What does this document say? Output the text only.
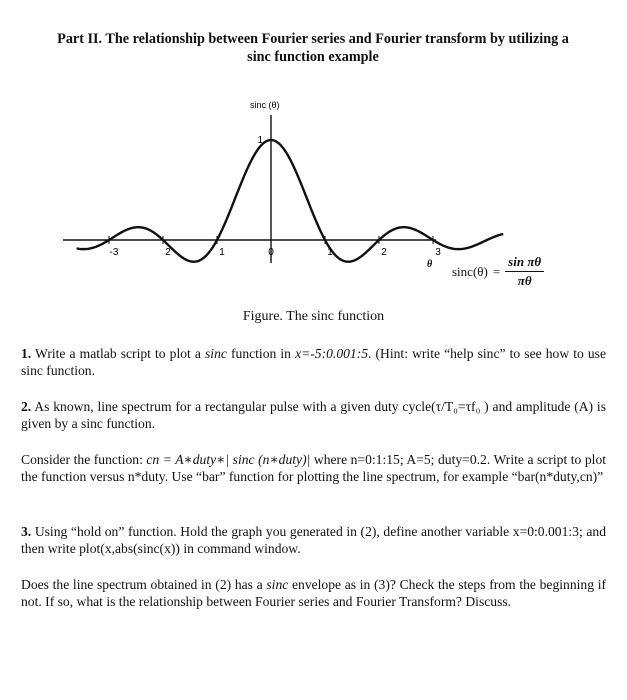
Part II. The relationship between Fourier series and Fourier transform by utilizing a
sinc function example
-3	2	1	0	1	2	3
1
sinc (θ)
θ $\sin c(\theta) = \frac{\text{sin πθ}}{\pi\theta}$
Figure. The sinc function
1. Write a matlab script to plot a sinc function in x=-5:0.001:5. (Hint: write “help sinc” to see how to use sinc function.
2. As known, line spectrum for a rectangular pulse with a given duty cycle(τ/T₀=τf₀ ) and amplitude (A) is given by a sinc function.
Consider the function: cn = A∗duty∗| sinc (n∗duty)| where n=0:1:15; A=5; duty=0.2. Write a script to plot the function versus n*duty. Use “bar” function for plotting the line spectrum, for example “bar(n*duty,cn)”
3. Using “hold on” function. Hold the graph you generated in (2), define another variable x=0:0.001:3; and then write plot(x,abs(sinc(x)) in command window.
Does the line spectrum obtained in (2) has a sinc envelope as in (3)? Check the steps from the beginning if not. If so, what is the relationship between Fourier series and Fourier Transform? Discuss.
